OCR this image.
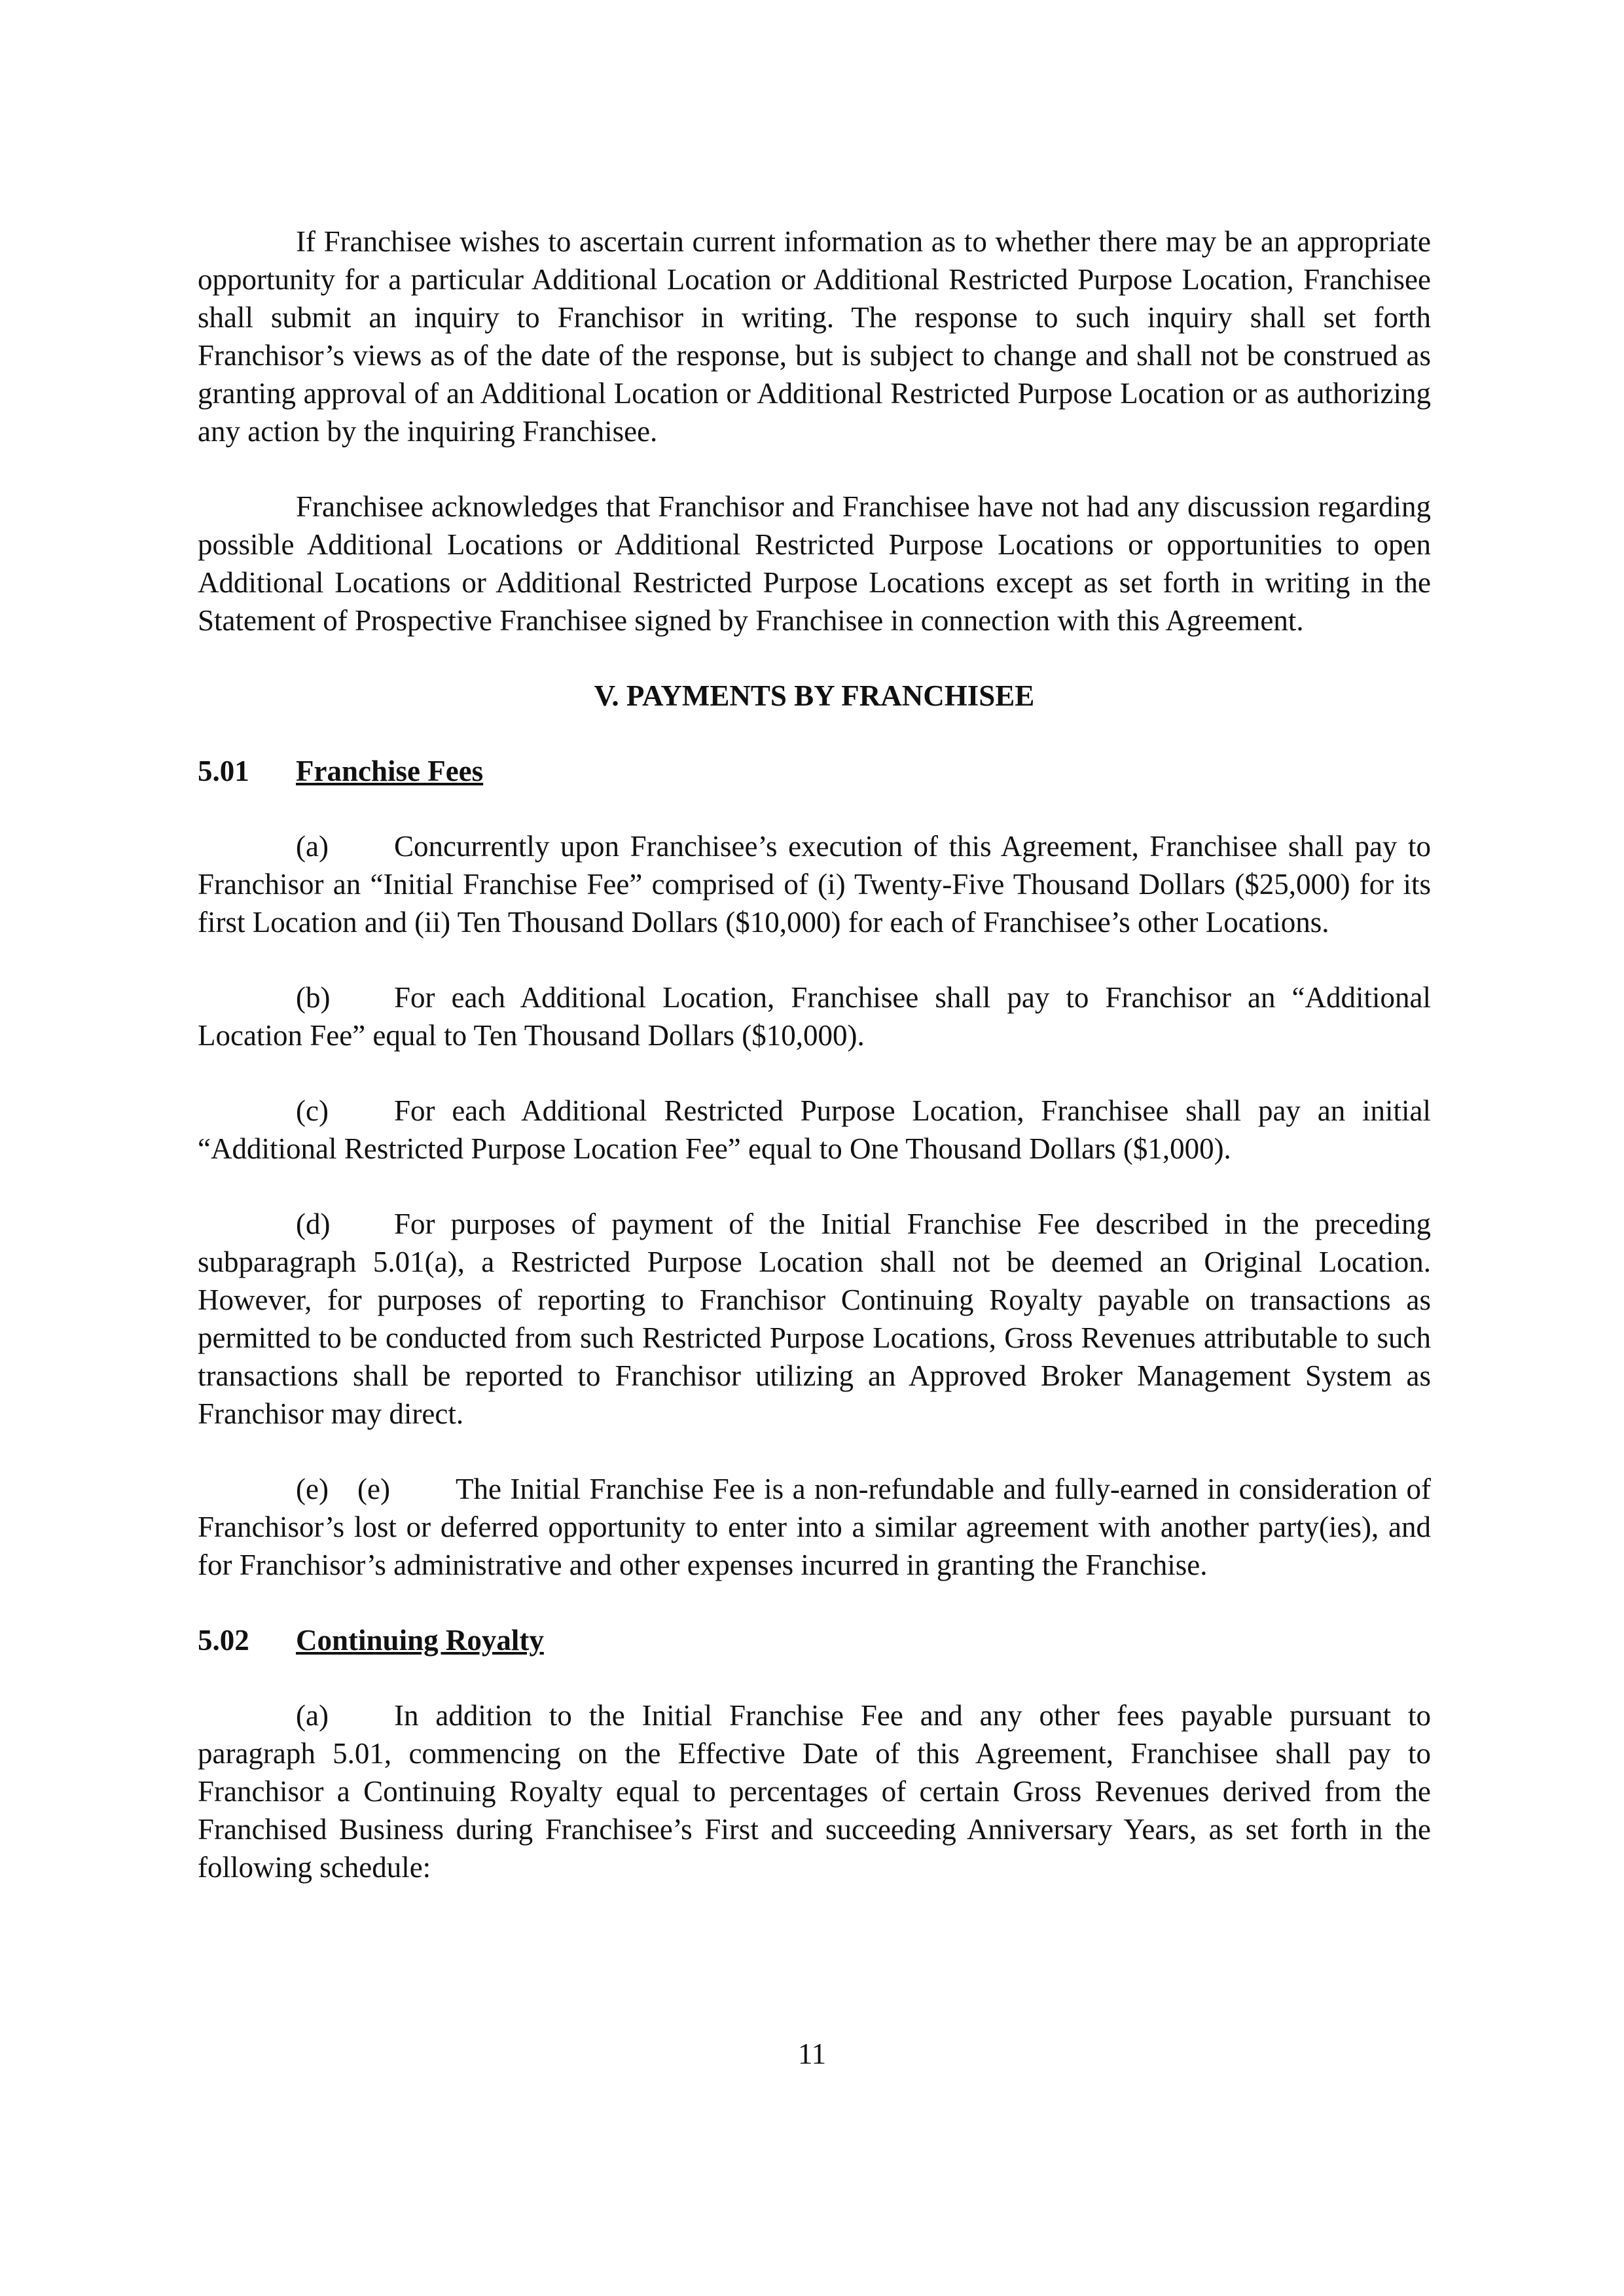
If Franchisee wishes to ascertain current information as to whether there may be an appropriate opportunity for a particular Additional Location or Additional Restricted Purpose Location, Franchisee shall submit an inquiry to Franchisor in writing. The response to such inquiry shall set forth Franchisor’s views as of the date of the response, but is subject to change and shall not be construed as granting approval of an Additional Location or Additional Restricted Purpose Location or as authorizing any action by the inquiring Franchisee.

Franchisee acknowledges that Franchisor and Franchisee have not had any discussion regarding possible Additional Locations or Additional Restricted Purpose Locations or opportunities to open Additional Locations or Additional Restricted Purpose Locations except as set forth in writing in the Statement of Prospective Franchisee signed by Franchisee in connection with this Agreement.

V. PAYMENTS BY FRANCHISEE

5.01 Franchise Fees

(a) Concurrently upon Franchisee’s execution of this Agreement, Franchisee shall pay to Franchisor an “Initial Franchise Fee” comprised of (i) Twenty-Five Thousand Dollars ($25,000) for its first Location and (ii) Ten Thousand Dollars ($10,000) for each of Franchisee’s other Locations.

(b) For each Additional Location, Franchisee shall pay to Franchisor an “Additional Location Fee” equal to Ten Thousand Dollars ($10,000).

(c) For each Additional Restricted Purpose Location, Franchisee shall pay an initial “Additional Restricted Purpose Location Fee” equal to One Thousand Dollars ($1,000).

(d) For purposes of payment of the Initial Franchise Fee described in the preceding subparagraph 5.01(a), a Restricted Purpose Location shall not be deemed an Original Location. However, for purposes of reporting to Franchisor Continuing Royalty payable on transactions as permitted to be conducted from such Restricted Purpose Locations, Gross Revenues attributable to such transactions shall be reported to Franchisor utilizing an Approved Broker Management System as Franchisor may direct.

(e) (e) The Initial Franchise Fee is a non-refundable and fully-earned in consideration of Franchisor’s lost or deferred opportunity to enter into a similar agreement with another party(ies), and for Franchisor’s administrative and other expenses incurred in granting the Franchise.

5.02 Continuing Royalty

(a) In addition to the Initial Franchise Fee and any other fees payable pursuant to paragraph 5.01, commencing on the Effective Date of this Agreement, Franchisee shall pay to Franchisor a Continuing Royalty equal to percentages of certain Gross Revenues derived from the Franchised Business during Franchisee’s First and succeeding Anniversary Years, as set forth in the following schedule:

11
